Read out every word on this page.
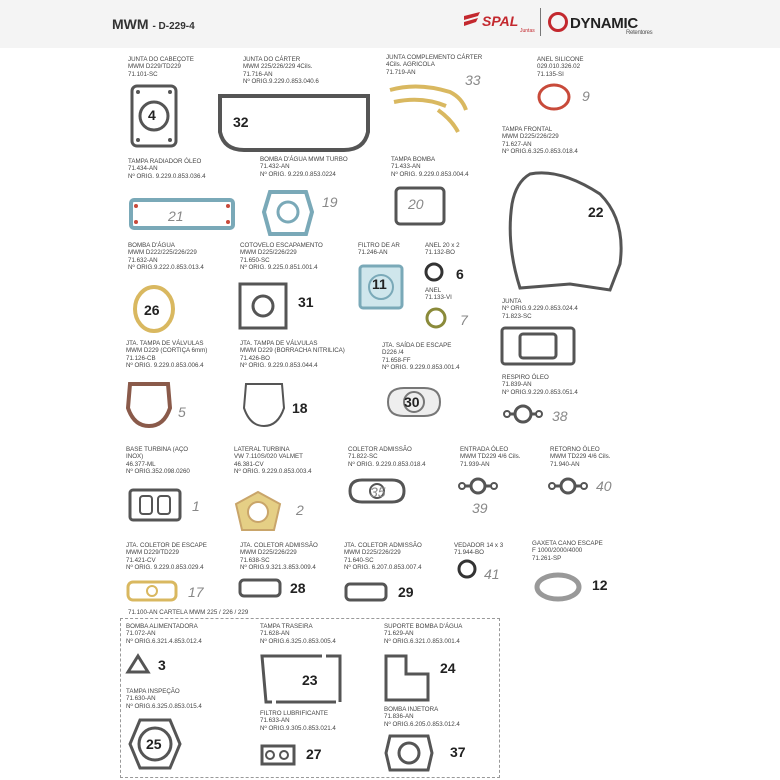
MWM - D-229-4	SPAL
Juntas	DYNAMIC
Retentores
JUNTA DO CABEÇOTE
MWM D229/TD229
71.101-SC
4
JUNTA DO CÁRTER
MWM 225/226/229 4Cils.
71.716-AN
Nº ORIG.9.229.0.853.040.6
32
JUNTA COMPLEMENTO CÁRTER
4Cils. AGRICOLA
71.719-AN	33
ANEL SILICONE
029.010.326.02
71.135-SI
9
TAMPA FRONTAL
MWM D225/226/229
71.627-AN
Nº ORIG.6.325.0.853.018.4
22
TAMPA RADIADOR ÓLEO
71.434-AN
Nº ORIG. 9.229.0.853.036.4
21
BOMBA D'ÁGUA MWM TURBO
71.432-AN
Nº ORIG. 9.229.0.853.0224
19
TAMPA BOMBA
71.433-AN
Nº ORIG. 9.229.0.853.004.4
20
BOMBA D'ÁGUA
MWM D222/225/226/229
71.632-AN
Nº ORIG.9.222.0.853.013.4
26
COTOVELO ESCAPAMENTO
MWM D225/226/229
71.650-SC
Nº ORIG. 9.225.0.851.001.4
31
FILTRO DE AR
71.246-AN
11
ANEL 20 x 2
71.132-BO
6
ANEL
71.133-VI
7
JUNTA
Nº ORIG.9.229.0.853.024.4
71.823-SC
JTA. TAMPA DE VÁLVULAS
MWM D229 (CORTIÇA 6mm)
71.126-CB
Nº ORIG. 9.229.0.853.006.4
5
JTA. TAMPA DE VÁLVULAS
MWM D229 (BORRACHA NITRILICA)
71.426-BO
Nº ORIG. 9.229.0.853.044.4
18
JTA. SAÍDA DE ESCAPE
D226 /4
71.658-FF
Nº ORIG. 9.229.0.853.001.4
30
RESPIRO ÓLEO
71.839-AN
Nº ORIG.9.229.0.853.051.4
38
BASE TURBINA (AÇO
INOX)
46.377-ML
Nº ORIG.352.098.0260
1
LATERAL TURBINA
VW 7.110S/020 VALMET
46.381-CV
Nº ORIG. 9.229.0.853.003.4
2
COLETOR ADMISSÃO
71.822-SC
Nº ORIG. 9.229.0.853.018.4
35
ENTRADA ÓLEO
MWM TD229 4/6 Cils.
71.939-AN
39
RETORNO ÓLEO
MWM TD229 4/6 Cils.
71.940-AN
40
JTA. COLETOR DE ESCAPE
MWM D229/TD229
71.421-CV
Nº ORIG. 9.229.0.853.029.4
17
JTA. COLETOR ADMISSÃO
MWM D225/226/229
71.638-SC
Nº ORIG.9.321.3.853.009.4
28
JTA. COLETOR ADMISSÃO
MWM D225/226/229
71.640-SC
Nº ORIG. 6.207.0.853.007.4
29
VEDADOR 14 x 3
71.944-BO
41
GAXETA CANO ESCAPE
F 1000/2000/4000
71.261-SP
12
71.100-AN CARTELA MWM 225 / 226 / 229
BOMBA ALIMENTADORA
71.072-AN
Nº ORIG.6.321.4.853.012.4
3
TAMPA INSPEÇÃO
71.630-AN
Nº ORIG.6.325.0.853.015.4
25
TAMPA TRASEIRA
71.628-AN
Nº ORIG.6.325.0.853.005.4
23
FILTRO LUBRIFICANTE
71.633-AN
Nº ORIG.9.305.0.853.021.4
27
SUPORTE BOMBA D'ÁGUA
71.629-AN
Nº ORIG.6.321.0.853.001.4
24
BOMBA INJETORA
71.836-AN
Nº ORIG.6.205.0.853.012.4
37
